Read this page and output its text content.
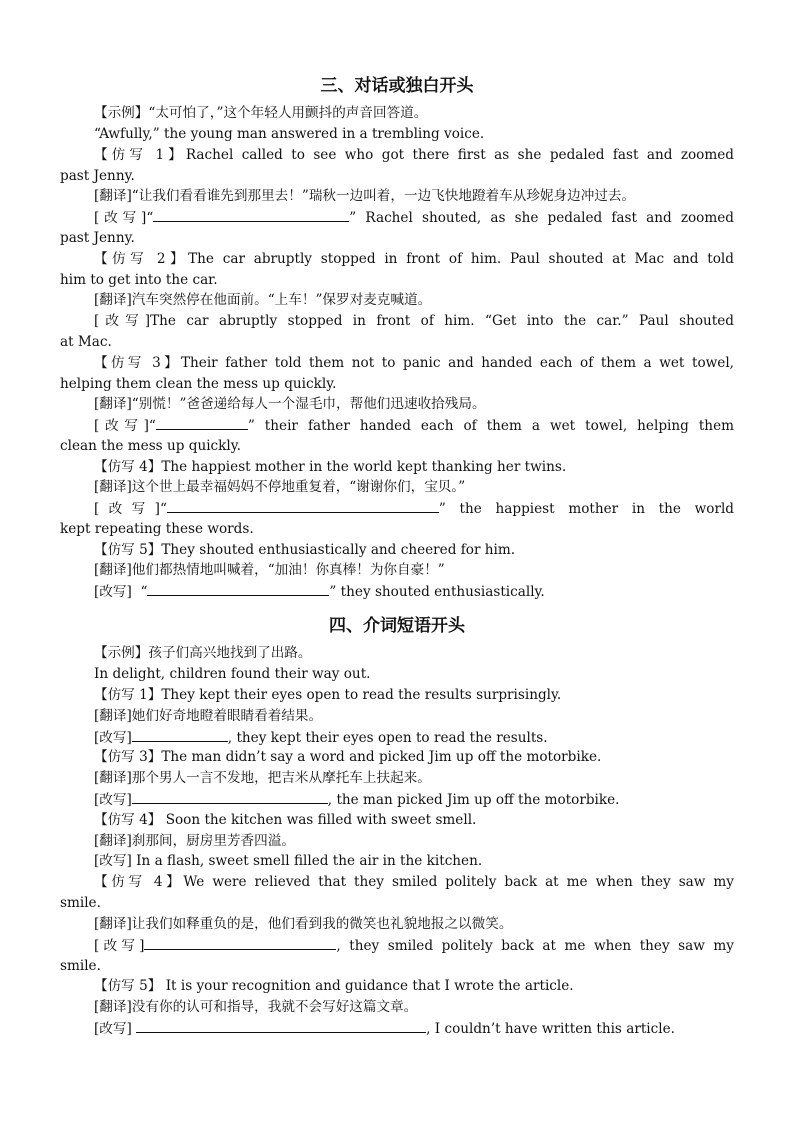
三、对话或独白开头
【示例】“太可怕了，”这个年轻人用颤抖的声音回答道。
“Awfully,” the young man answered in a trembling voice.
【仿写 1】Rachel called to see who got there first as she pedaled fast and zoomed
past Jenny.
[翻译]“让我们看看谁先到那里去！”瑞秋一边叫着，一边飞快地蹬着车从珍妮身边冲过去。
[改写]“	” Rachel shouted, as she pedaled fast and zoomed
past Jenny.
【仿写 2】The car abruptly stopped in front of him. Paul shouted at Mac and told
him to get into the car.
[翻译]汽车突然停在他面前。“上车！”保罗对麦克喊道。
[改写]The car abruptly stopped in front of him. “Get into the car.” Paul shouted
at Mac.
【仿写 3】Their father told them not to panic and handed each of them a wet towel,
helping them clean the mess up quickly.
[翻译]“别慌！”爸爸递给每人一个湿毛巾，帮他们迅速收拾残局。
[改写]“	” their father handed each of them a wet towel, helping them
clean the mess up quickly.
【仿写 4】The happiest mother in the world kept thanking her twins.
[翻译]这个世上最幸福妈妈不停地重复着，“谢谢你们，宝贝。”
[改写]“	” the happiest mother in the world
kept repeating these words.
【仿写 5】They shouted enthusiastically and cheered for him.
[翻译]他们都热情地叫喊着，“加油！你真棒！为你自豪！”
[改写] “	” they shouted enthusiastically.
四、介词短语开头
【示例】孩子们高兴地找到了出路。
In delight, children found their way out.
【仿写 1】They kept their eyes open to read the results surprisingly.
[翻译]她们好奇地瞪着眼睛看着结果。
[改写]	, they kept their eyes open to read the results.
【仿写 3】The man didn’t say a word and picked Jim up off the motorbike.
[翻译]那个男人一言不发地，把吉米从摩托车上扶起来。
[改写]	, the man picked Jim up off the motorbike.
【仿写 4】 Soon the kitchen was filled with sweet smell.
[翻译]刹那间，厨房里芳香四溢。
[改写] In a flash, sweet smell filled the air in the kitchen.
【仿写 4】We were relieved that they smiled politely back at me when they saw my
smile.
[翻译]让我们如释重负的是，他们看到我的微笑也礼貌地报之以微笑。
[改写]	, they smiled politely back at me when they saw my
smile.
【仿写 5】 It is your recognition and guidance that I wrote the article.
[翻译]没有你的认可和指导，我就不会写好这篇文章。
[改写]	, I couldn’t have written this article.
